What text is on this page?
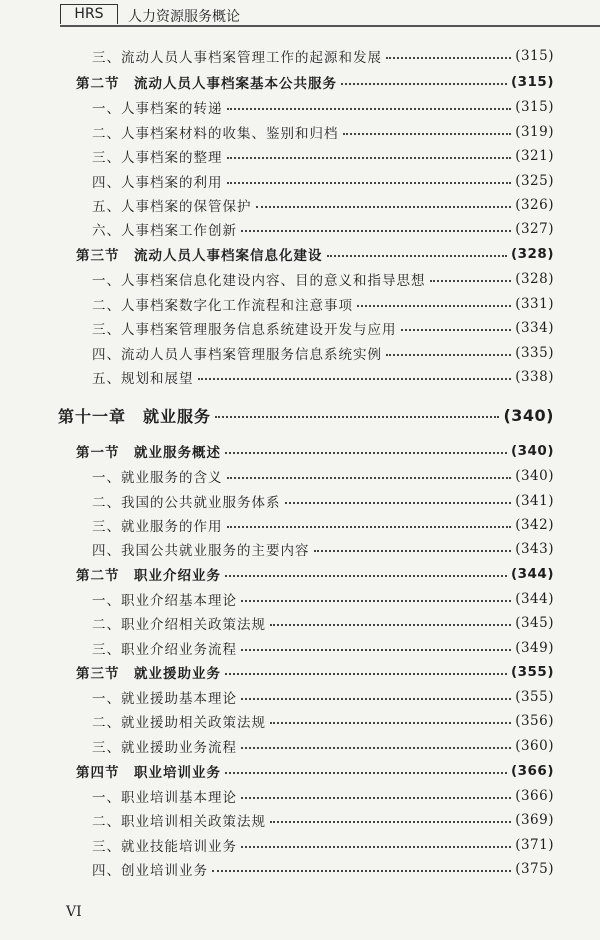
HRS	人力资源服务概论
三、流动人员人事档案管理工作的起源和发展	(315)
第二节　流动人员人事档案基本公共服务	(315)
一、人事档案的转递	(315)
二、人事档案材料的收集、鉴别和归档	(319)
三、人事档案的整理	(321)
四、人事档案的利用	(325)
五、人事档案的保管保护	(326)
六、人事档案工作创新	(327)
第三节　流动人员人事档案信息化建设	(328)
一、人事档案信息化建设内容、目的意义和指导思想	(328)
二、人事档案数字化工作流程和注意事项	(331)
三、人事档案管理服务信息系统建设开发与应用	(334)
四、流动人员人事档案管理服务信息系统实例	(335)
五、规划和展望	(338)
第十一章　就业服务	(340)
第一节　就业服务概述	(340)
一、就业服务的含义	(340)
二、我国的公共就业服务体系	(341)
三、就业服务的作用	(342)
四、我国公共就业服务的主要内容	(343)
第二节　职业介绍业务	(344)
一、职业介绍基本理论	(344)
二、职业介绍相关政策法规	(345)
三、职业介绍业务流程	(349)
第三节　就业援助业务	(355)
一、就业援助基本理论	(355)
二、就业援助相关政策法规	(356)
三、就业援助业务流程	(360)
第四节　职业培训业务	(366)
一、职业培训基本理论	(366)
二、职业培训相关政策法规	(369)
三、就业技能培训业务	(371)
四、创业培训业务	(375)
VI
